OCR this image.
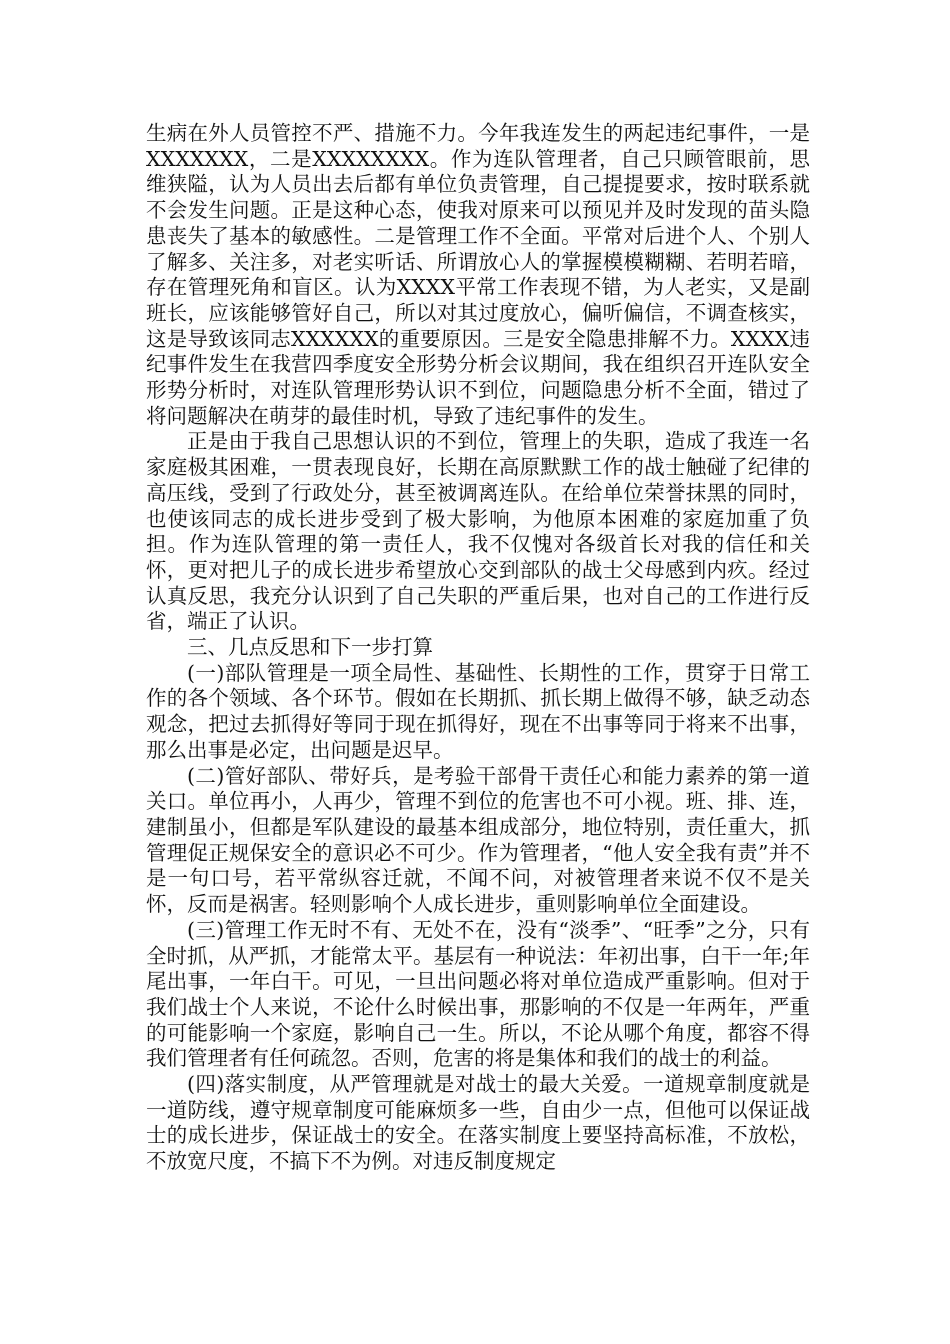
生病在外人员管控不严、措施不力。今年我连发生的两起违纪事件，一是XXXXXXX，二是XXXXXXXX。作为连队管理者，自己只顾管眼前，思维狭隘，认为人员出去后都有单位负责管理，自己提提要求，按时联系就不会发生问题。正是这种心态，使我对原来可以预见并及时发现的苗头隐患丧失了基本的敏感性。二是管理工作不全面。平常对后进个人、个别人了解多、关注多，对老实听话、所谓放心人的掌握模模糊糊、若明若暗，存在管理死角和盲区。认为XXXX平常工作表现不错，为人老实，又是副班长，应该能够管好自己，所以对其过度放心，偏听偏信，不调查核实，这是导致该同志XXXXXX的重要原因。三是安全隐患排解不力。XXXX违纪事件发生在我营四季度安全形势分析会议期间，我在组织召开连队安全形势分析时，对连队管理形势认识不到位，问题隐患分析不全面，错过了将问题解决在萌芽的最佳时机，导致了违纪事件的发生。

正是由于我自己思想认识的不到位，管理上的失职，造成了我连一名家庭极其困难，一贯表现良好，长期在高原默默工作的战士触碰了纪律的高压线，受到了行政处分，甚至被调离连队。在给单位荣誉抹黑的同时，也使该同志的成长进步受到了极大影响，为他原本困难的家庭加重了负担。作为连队管理的第一责任人，我不仅愧对各级首长对我的信任和关怀，更对把儿子的成长进步希望放心交到部队的战士父母感到内疚。经过认真反思，我充分认识到了自己失职的严重后果，也对自己的工作进行反省，端正了认识。

三、几点反思和下一步打算

(一)部队管理是一项全局性、基础性、长期性的工作，贯穿于日常工作的各个领域、各个环节。假如在长期抓、抓长期上做得不够，缺乏动态观念，把过去抓得好等同于现在抓得好，现在不出事等同于将来不出事，那么出事是必定，出问题是迟早。

(二)管好部队、带好兵，是考验干部骨干责任心和能力素养的第一道关口。单位再小，人再少，管理不到位的危害也不可小视。班、排、连，建制虽小，但都是军队建设的最基本组成部分，地位特别，责任重大，抓管理促正规保安全的意识必不可少。作为管理者，“他人安全我有责”并不是一句口号，若平常纵容迁就，不闻不问，对被管理者来说不仅不是关怀，反而是祸害。轻则影响个人成长进步，重则影响单位全面建设。

(三)管理工作无时不有、无处不在，没有“淡季”、“旺季”之分，只有全时抓，从严抓，才能常太平。基层有一种说法：年初出事，白干一年;年尾出事，一年白干。可见，一旦出问题必将对单位造成严重影响。但对于我们战士个人来说，不论什么时候出事，那影响的不仅是一年两年，严重的可能影响一个家庭，影响自己一生。所以，不论从哪个角度，都容不得我们管理者有任何疏忽。否则，危害的将是集体和我们的战士的利益。

(四)落实制度，从严管理就是对战士的最大关爱。一道规章制度就是一道防线，遵守规章制度可能麻烦多一些，自由少一点，但他可以保证战士的成长进步，保证战士的安全。在落实制度上要坚持高标准，不放松，不放宽尺度，不搞下不为例。对违反制度规定
